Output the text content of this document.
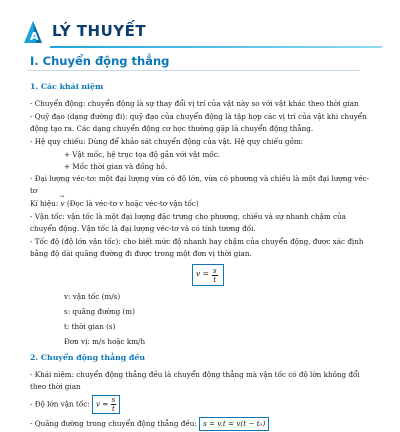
A LÝ THUYẾT
I. Chuyển động thẳng
1. Các khái niệm

- Chuyển động: chuyển động là sự thay đổi vị trí của vật này so với vật khác theo thời gian

- Quỹ đạo (dạng đường đi): quỹ đạo của chuyển động là tập hợp các vị trí của vật khi chuyển động tạo ra. Các dạng chuyển động cơ học thường gặp là chuyển động thẳng.

- Hệ quy chiếu: Dùng để khảo sát chuyển động của vật. Hệ quy chiếu gồm:

+ Vật mốc, hệ trục tọa độ gắn với vật mốc.

+ Mốc thời gian và đồng hồ.

- Đại lượng véc-tơ: một đại lượng vừa có độ lớn, vừa có phương và chiều là một đại lượng véc-tơ

Kí hiệu: → v (Đọc là véc-tơ v hoặc véc-tơ vận tốc)

- Vận tốc: vận tốc là một đại lượng đặc trưng cho phương, chiều và sự nhanh chậm của chuyển động. Vận tốc là đại lượng véc-tơ và có tính tương đối.

- Tốc độ (độ lớn vận tốc): cho biết mức độ nhanh hay chậm của chuyển động, được xác định bằng độ dài quãng đường đi được trong một đơn vị thời gian.

$v = \frac{s}{t}$

v: vận tốc (m/s)

s: quãng đường (m)

t: thời gian (s)

Đơn vị: m/s hoặc km/h

2. Chuyển động thẳng đều

- Khái niệm: chuyển động thẳng đều là chuyển động thẳng mà vận tốc có độ lớn không đổi theo thời gian

- Độ lớn vận tốc: $v = \frac{s}{t}$

- Quãng đường trong chuyển động thẳng đều: s = v.t = v(t − t₀)
